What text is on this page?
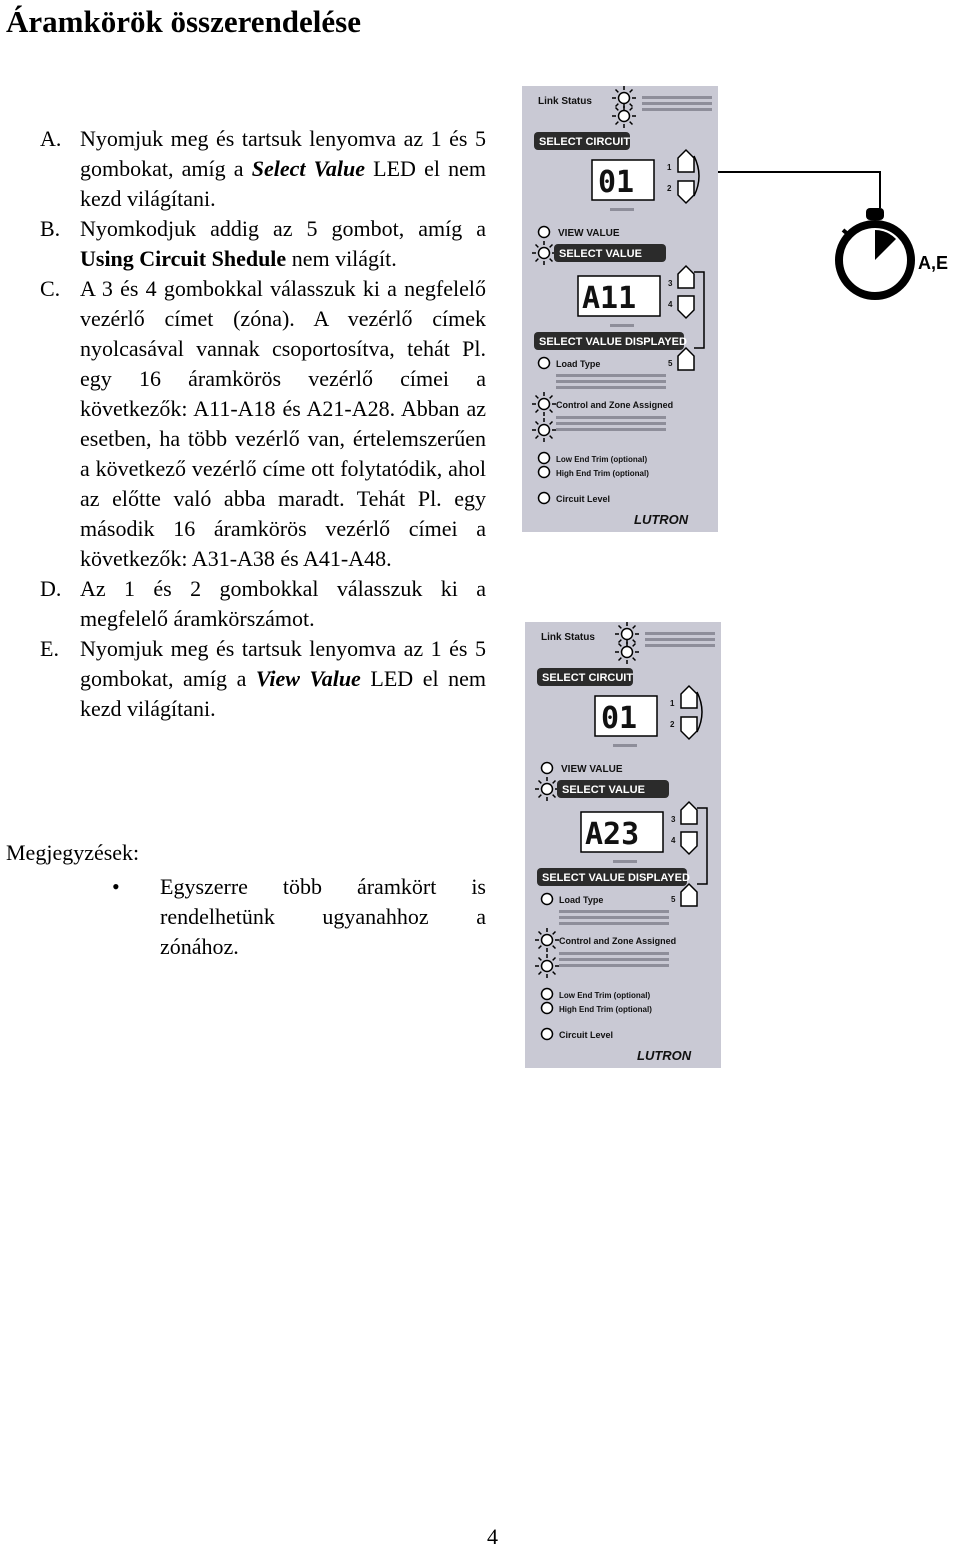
Áramkörök összerendelése
A. Nyomjuk meg és tartsuk lenyomva az 1 és 5 gombokat, amíg a Select Value LED el nem kezd világítani.
B. Nyomkodjuk addig az 5 gombot, amíg a Using Circuit Shedule nem világít.
C. A 3 és 4 gombokkal válasszuk ki a negfelelő vezérlő címet (zóna). A vezérlő címek nyolcasával vannak csoportosítva, tehát Pl. egy 16 áramkörös vezérlő címei a következők: A11-A18 és A21-A28. Abban az esetben, ha több vezérlő van, értelemszerűen a következő vezérlő címe ott folytatódik, ahol az előtte való abba maradt. Tehát Pl. egy második 16 áramkörös vezérlő címei a következők: A31-A38 és A41-A48.
D. Az 1 és 2 gombokkal válasszuk ki a megfelelő áramkörszámot.
E. Nyomjuk meg és tartsuk lenyomva az 1 és 5 gombokat, amíg a View Value LED el nem kezd világítani.
Megjegyzések:
•	Egyszerre több áramkört is rendelhetünk ugyanahhoz a zónához.
4
A,E
Link Status
SELECT CIRCUIT
01	1
2
VIEW VALUE
SELECT VALUE
A11	3
4
SELECT VALUE DISPLAYED
5
Load Type
Control and Zone Assigned
Low End Trim (optional)
High End Trim (optional)
Circuit Level
LUTRON
Link Status
SELECT CIRCUIT
01	1
2
VIEW VALUE
SELECT VALUE
A23	3
4
SELECT VALUE DISPLAYED
5
Load Type
Control and Zone Assigned
Low End Trim (optional)
High End Trim (optional)
Circuit Level
LUTRON
